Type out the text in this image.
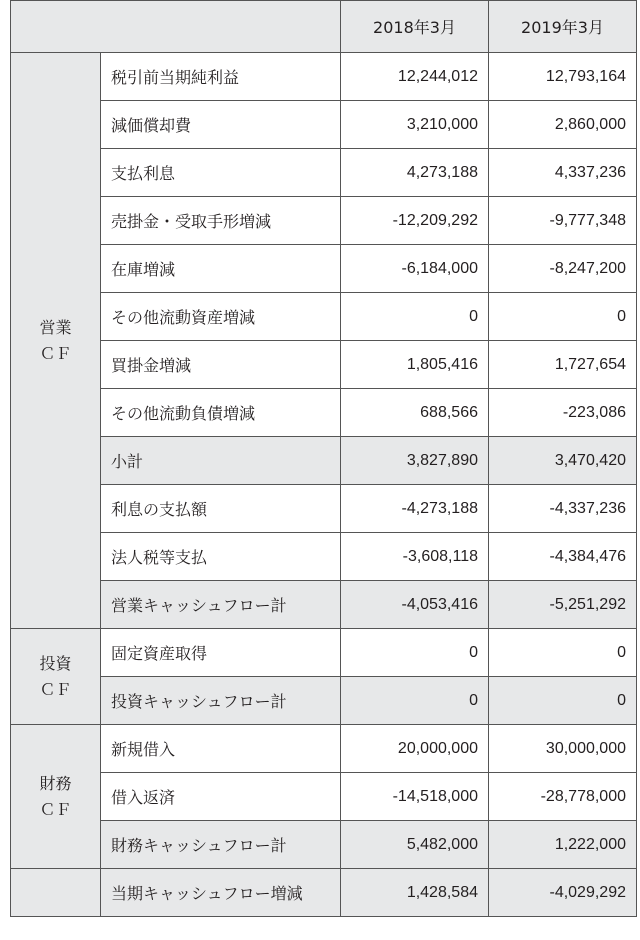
		2018年3月	2019年3月

営業
ＣＦ	税引前当期純利益	12,244,012	12,793,164
	減価償却費	3,210,000	2,860,000
	支払利息	4,273,188	4,337,236
	売掛金・受取手形増減	-12,209,292	-9,777,348
	在庫増減	-6,184,000	-8,247,200
	その他流動資産増減	0	0
	買掛金増減	1,805,416	1,727,654
	その他流動負債増減	688,566	-223,086
	小計	3,827,890	3,470,420
	利息の支払額	-4,273,188	-4,337,236
	法人税等支払	-3,608,118	-4,384,476
	営業キャッシュフロー計	-4,053,416	-5,251,292

投資
ＣＦ	固定資産取得	0	0
	投資キャッシュフロー計	0	0

財務
ＣＦ	新規借入	20,000,000	30,000,000
	借入返済	-14,518,000	-28,778,000
	財務キャッシュフロー計	5,482,000	1,222,000
	当期キャッシュフロー増減	1,428,584	-4,029,292
